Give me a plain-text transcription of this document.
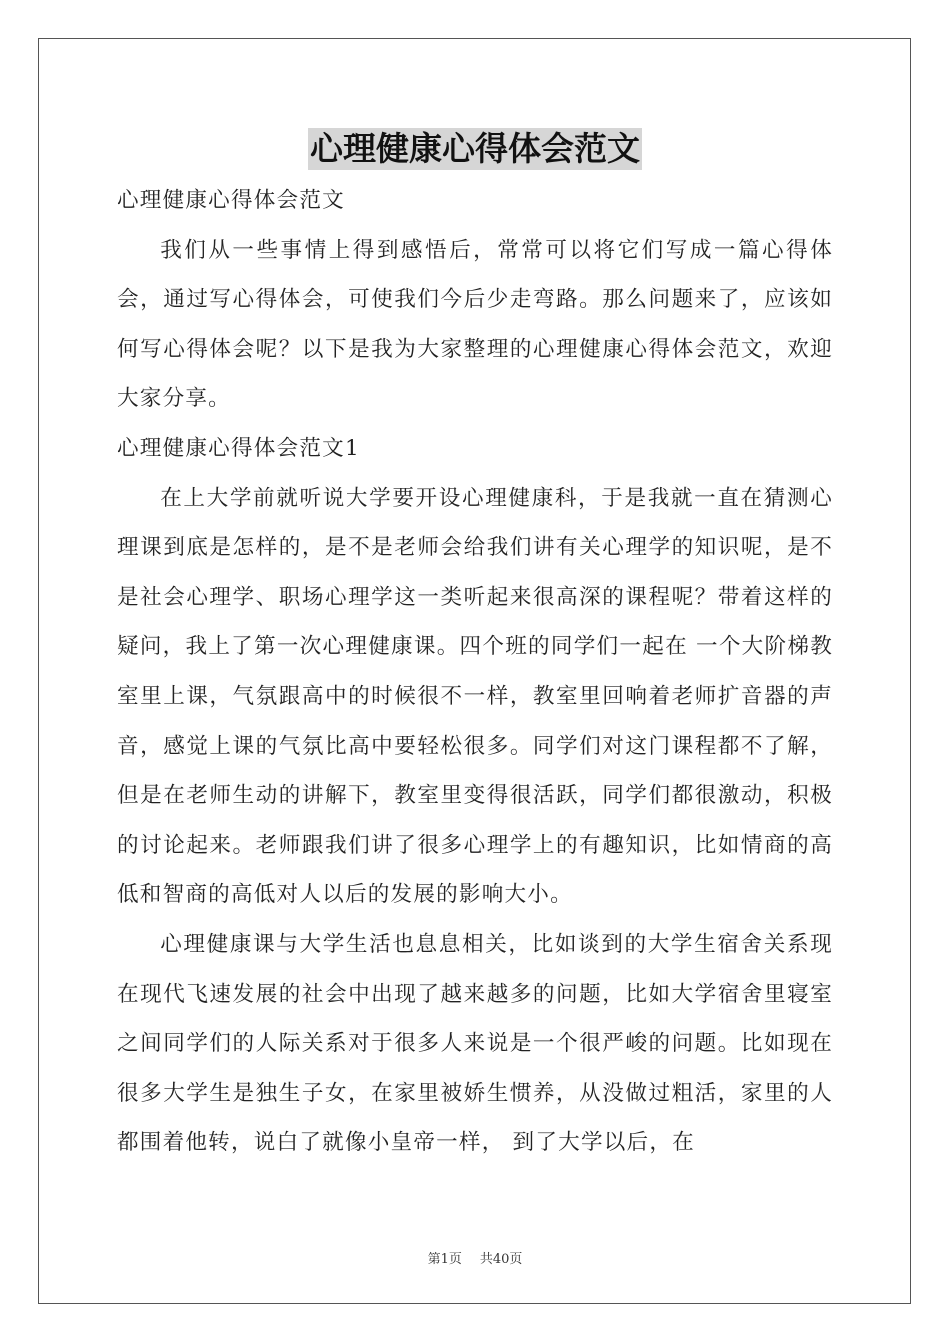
心理健康心得体会范文

心理健康心得体会范文

我们从一些事情上得到感悟后，常常可以将它们写成一篇心得体会，通过写心得体会，可使我们今后少走弯路。那么问题来了，应该如何写心得体会呢？以下是我为大家整理的心理健康心得体会范文，欢迎大家分享。

心理健康心得体会范文1

在上大学前就听说大学要开设心理健康科，于是我就一直在猜测心理课到底是怎样的，是不是老师会给我们讲有关心理学的知识呢，是不是社会心理学、职场心理学这一类听起来很高深的课程呢？带着这样的疑问，我上了第一次心理健康课。四个班的同学们一起在 一个大阶梯教室里上课，气氛跟高中的时候很不一样，教室里回响着老师扩音器的声音，感觉上课的气氛比高中要轻松很多。同学们对这门课程都不了解，但是在老师生动的讲解下，教室里变得很活跃，同学们都很激动，积极的讨论起来。老师跟我们讲了很多心理学上的有趣知识，比如情商的高低和智商的高低对人以后的发展的影响大小。

心理健康课与大学生活也息息相关，比如谈到的大学生宿舍关系现在现代飞速发展的社会中出现了越来越多的问题，比如大学宿舍里寝室之间同学们的人际关系对于很多人来说是一个很严峻的问题。比如现在很多大学生是独生子女，在家里被娇生惯养，从没做过粗活，家里的人都围着他转，说白了就像小皇帝一样， 到了大学以后，在

第1页 共40页
